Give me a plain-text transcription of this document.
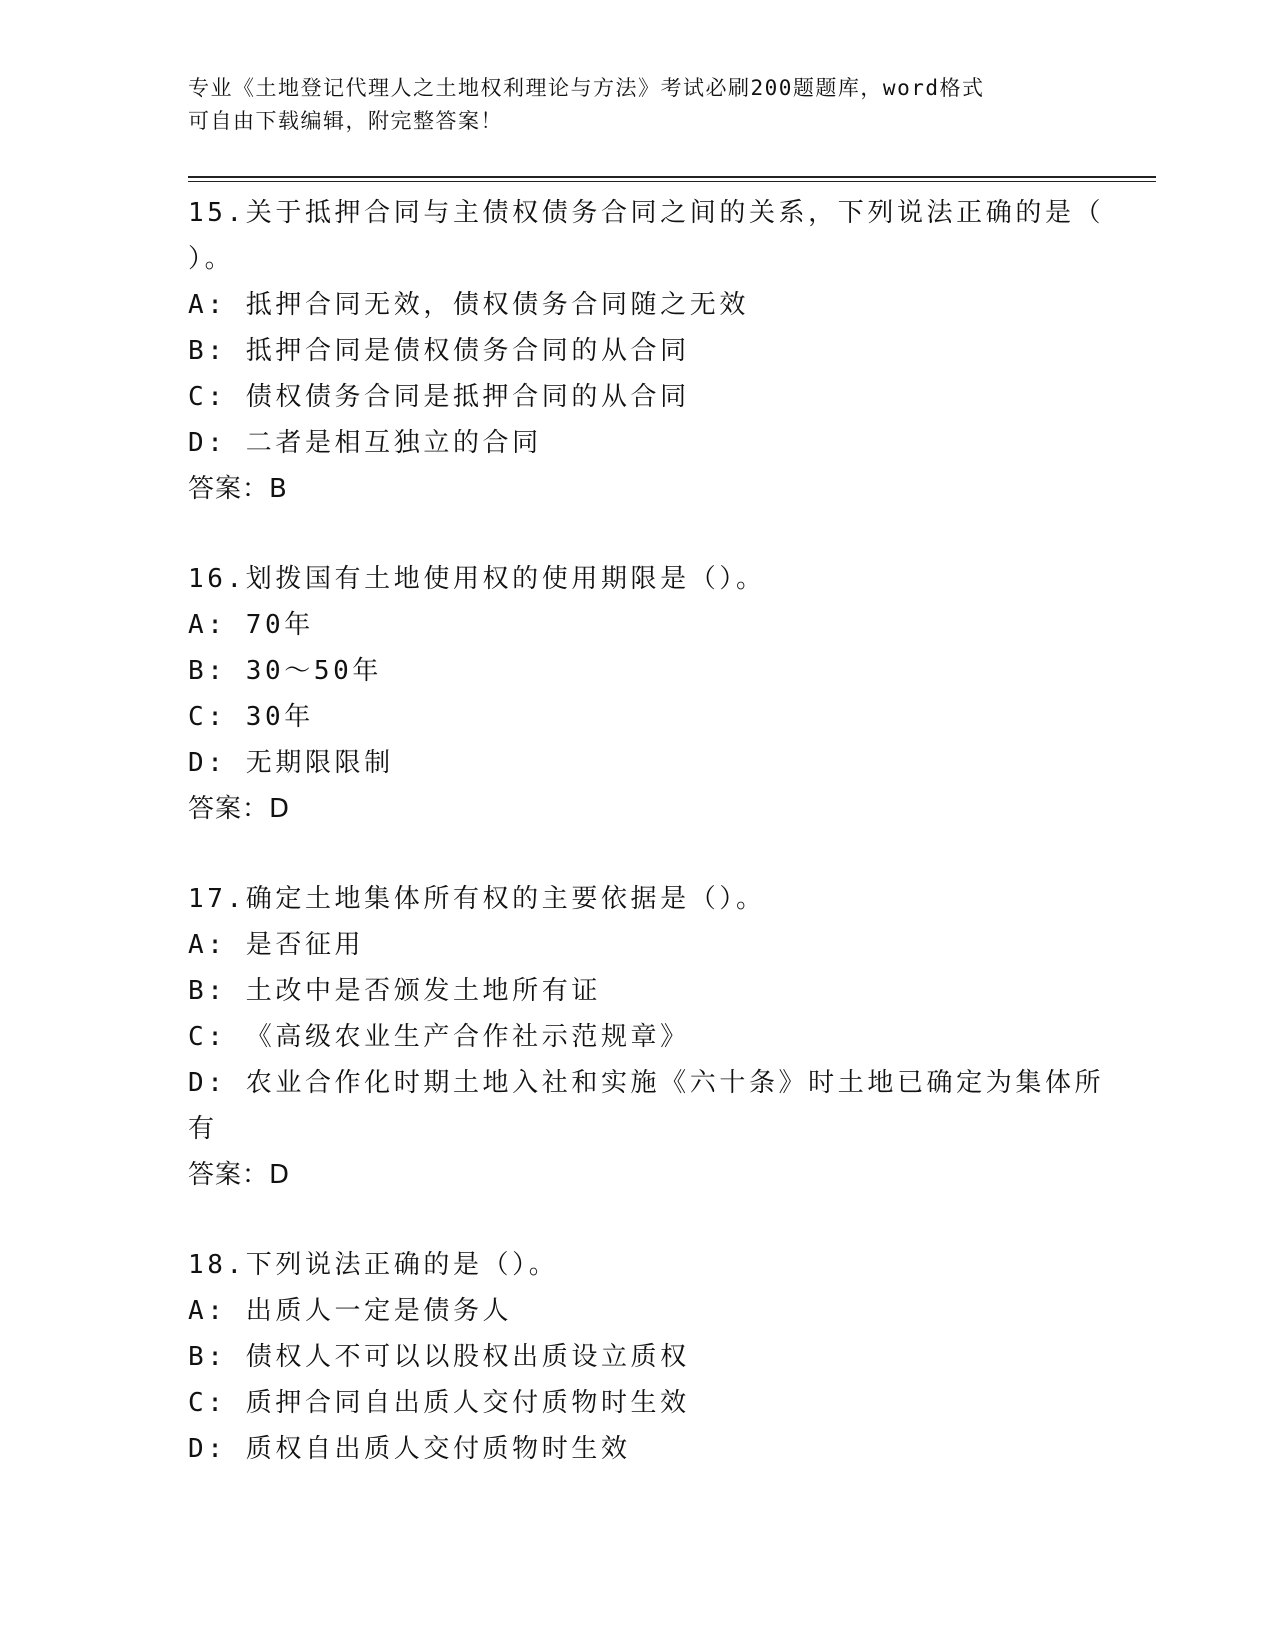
专业《土地登记代理人之土地权利理论与方法》考试必刷200题题库，word格式
可自由下载编辑，附完整答案！
15.关于抵押合同与主债权债务合同之间的关系，下列说法正确的是（
）。
A: 抵押合同无效，债权债务合同随之无效
B: 抵押合同是债权债务合同的从合同
C: 债权债务合同是抵押合同的从合同
D: 二者是相互独立的合同
答案：B
16.划拨国有土地使用权的使用期限是（）。
A: 70年
B: 30～50年
C: 30年
D: 无期限限制
答案：D
17.确定土地集体所有权的主要依据是（）。
A: 是否征用
B: 土改中是否颁发土地所有证
C: 《高级农业生产合作社示范规章》
D: 农业合作化时期土地入社和实施《六十条》时土地已确定为集体所
有
答案：D
18.下列说法正确的是（）。
A: 出质人一定是债务人
B: 债权人不可以以股权出质设立质权
C: 质押合同自出质人交付质物时生效
D: 质权自出质人交付质物时生效
